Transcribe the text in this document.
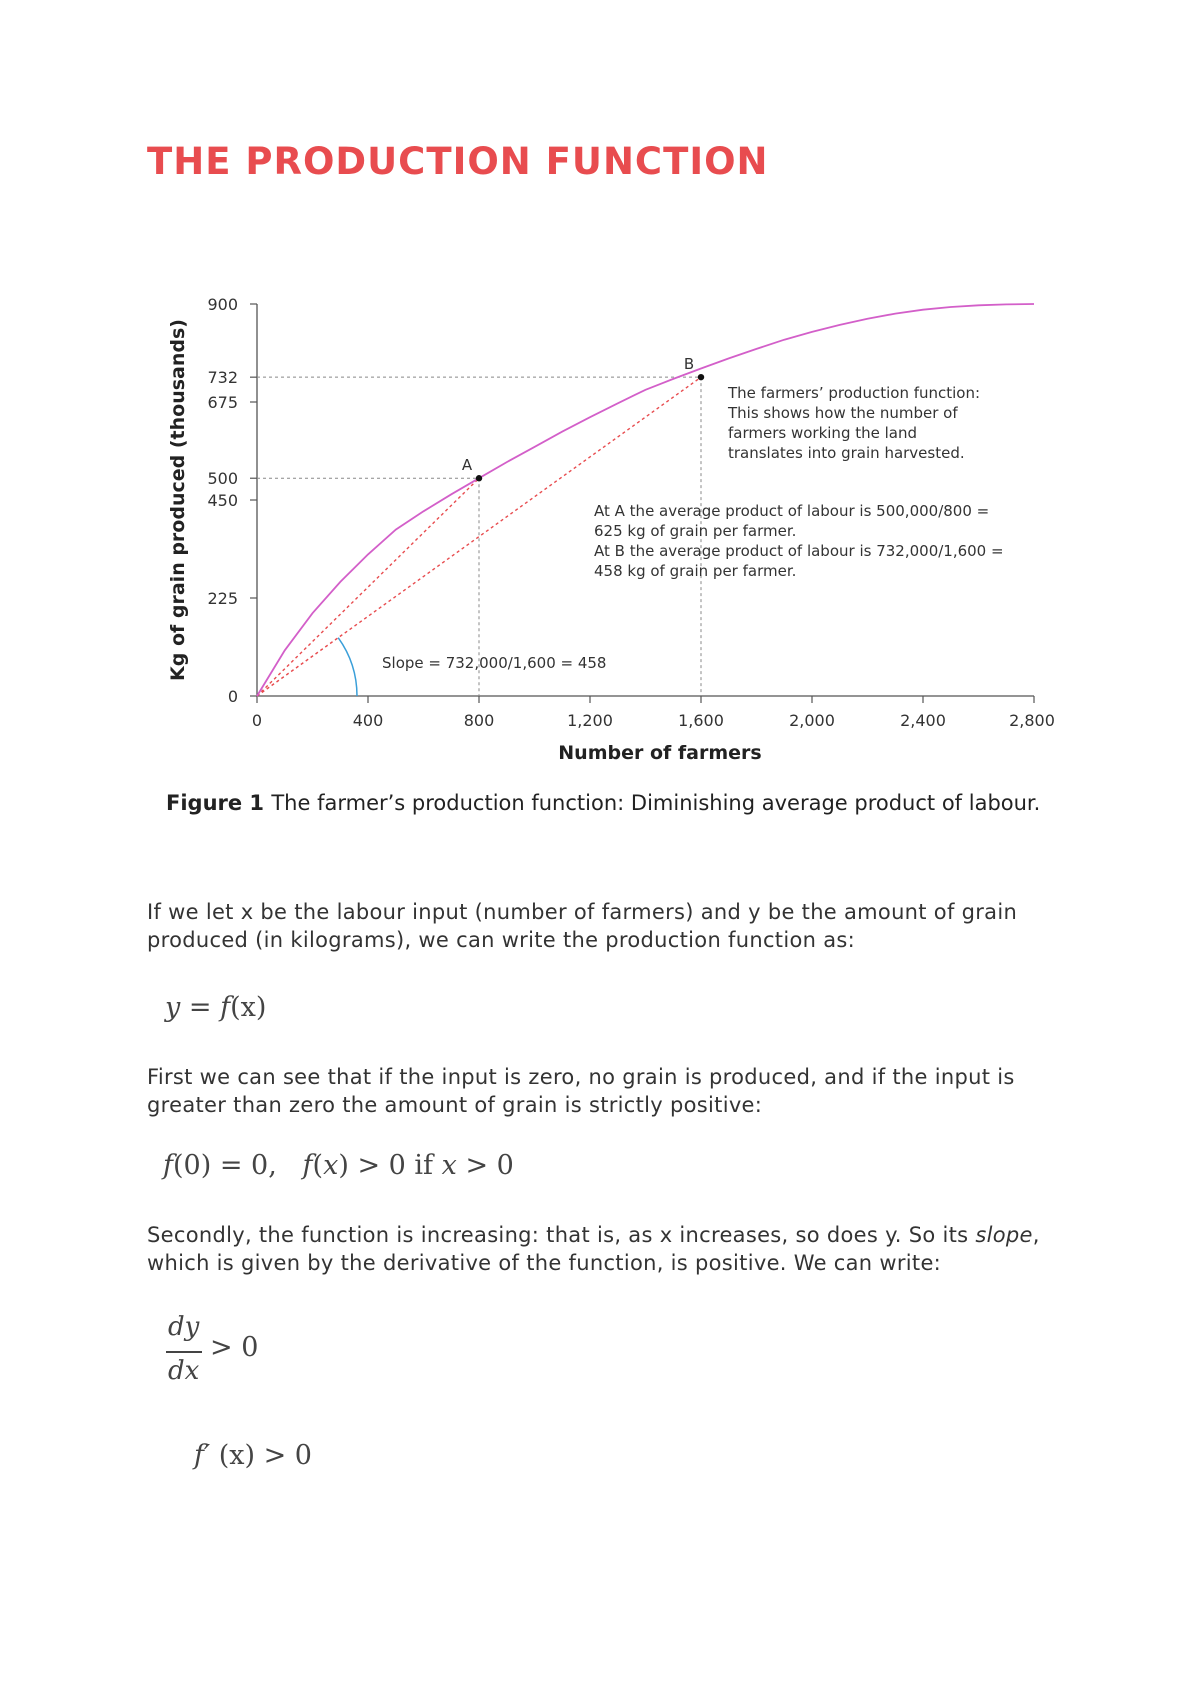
THE PRODUCTION FUNCTION
0	400	800	1,200	1,600	2,000	2,400	2,800
0
225
450
500
675
732
900
Number of farmers
Kg of grain produced (thousands)	A
B
The farmers’ production function:
This shows how the number of
farmers working the land
translates into grain harvested.
At A the average product of labour is 500,000/800 =
625 kg of grain per farmer.
At B the average product of labour is 732,000/1,600 =
458 kg of grain per farmer.
Slope = 732,000/1,600 = 458
Figure 1 The farmer’s production function: Diminishing average product of labour.

If we let x be the labour input (number of farmers) and y be the amount of grain produced (in kilograms), we can write the production function as:

y = f(x)

First we can see that if the input is zero, no grain is produced, and if the input is greater than zero the amount of grain is strictly positive:

f(0) = 0,   f(x) > 0 if x > 0

Secondly, the function is increasing: that is, as x increases, so does y. So its slope, which is given by the derivative of the function, is positive. We can write:

dy
dx
> 0
f′ (x) > 0
